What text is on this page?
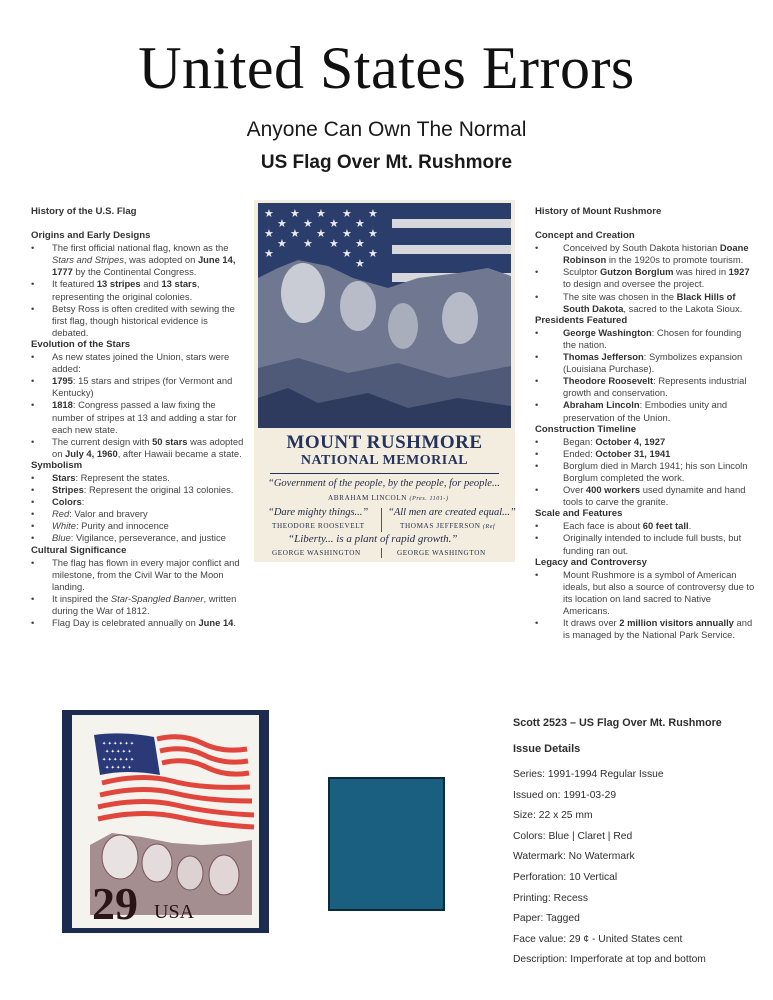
United States Errors
Anyone Can Own The Normal
US Flag Over Mt. Rushmore
History of the U.S. Flag
Origins and Early Designs
• The first official national flag, known as the Stars and Stripes, was adopted on June 14, 1777 by the Continental Congress.
• It featured 13 stripes and 13 stars, representing the original colonies.
• Betsy Ross is often credited with sewing the first flag, though historical evidence is debated.
Evolution of the Stars
• As new states joined the Union, stars were added:
• 1795: 15 stars and stripes (for Vermont and Kentucky)
• 1818: Congress passed a law fixing the number of stripes at 13 and adding a star for each new state.
• The current design with 50 stars was adopted on July 4, 1960, after Hawaii became a state.
Symbolism
• Stars: Represent the states.
• Stripes: Represent the original 13 colonies.
• Colors:
• Red: Valor and bravery
• White: Purity and innocence
• Blue: Vigilance, perseverance, and justice
Cultural Significance
• The flag has flown in every major conflict and milestone, from the Civil War to the Moon landing.
• It inspired the Star-Spangled Banner, written during the War of 1812.
• Flag Day is celebrated annually on June 14.
★ ★ ★ ★ ★
★ ★ ★ ★
★ ★ ★ ★ ★
★ ★ ★ ★
★	★ ★
★
MOUNT RUSHMORE
NATIONAL MEMORIAL
“Government of the people, by the people, for people...
ABRAHAM LINCOLN (Pres. 1101-)
“Dare mighty things...”
THEODORE ROOSEVELT
“All men are created equal...”
THOMAS JEFFERSON (Ref
“Liberty... is a plant of rapid growth.”
GEORGE WASHINGTON	GEORGE WASHINGTON
History of Mount Rushmore
Concept and Creation
• Conceived by South Dakota historian Doane Robinson in the 1920s to promote tourism.
• Sculptor Gutzon Borglum was hired in 1927 to design and oversee the project.
• The site was chosen in the Black Hills of South Dakota, sacred to the Lakota Sioux.
Presidents Featured
• George Washington: Chosen for founding the nation.
• Thomas Jefferson: Symbolizes expansion (Louisiana Purchase).
• Theodore Roosevelt: Represents industrial growth and conservation.
• Abraham Lincoln: Embodies unity and preservation of the Union.
Construction Timeline
• Began: October 4, 1927
• Ended: October 31, 1941
• Borglum died in March 1941; his son Lincoln Borglum completed the work.
• Over 400 workers used dynamite and hand tools to carve the granite.
Scale and Features
• Each face is about 60 feet tall.
• Originally intended to include full busts, but funding ran out.
Legacy and Controversy
• Mount Rushmore is a symbol of American ideals, but also a source of controversy due to its location on land sacred to Native Americans.
• It draws over 2 million visitors annually and is managed by the National Park Service.
✦ ✦ ✦ ✦ ✦ ✦
✦ ✦ ✦ ✦ ✦
✦ ✦ ✦ ✦ ✦ ✦
✦ ✦ ✦ ✦ ✦
29 USA
Scott 2523 – US Flag Over Mt. Rushmore
Issue Details
Series: 1991-1994 Regular Issue
Issued on: 1991-03-29
Size: 22 x 25 mm
Colors: Blue | Claret | Red
Watermark: No Watermark
Perforation: 10 Vertical
Printing: Recess
Paper: Tagged
Face value: 29 ¢ - United States cent
Description: Imperforate at top and bottom
